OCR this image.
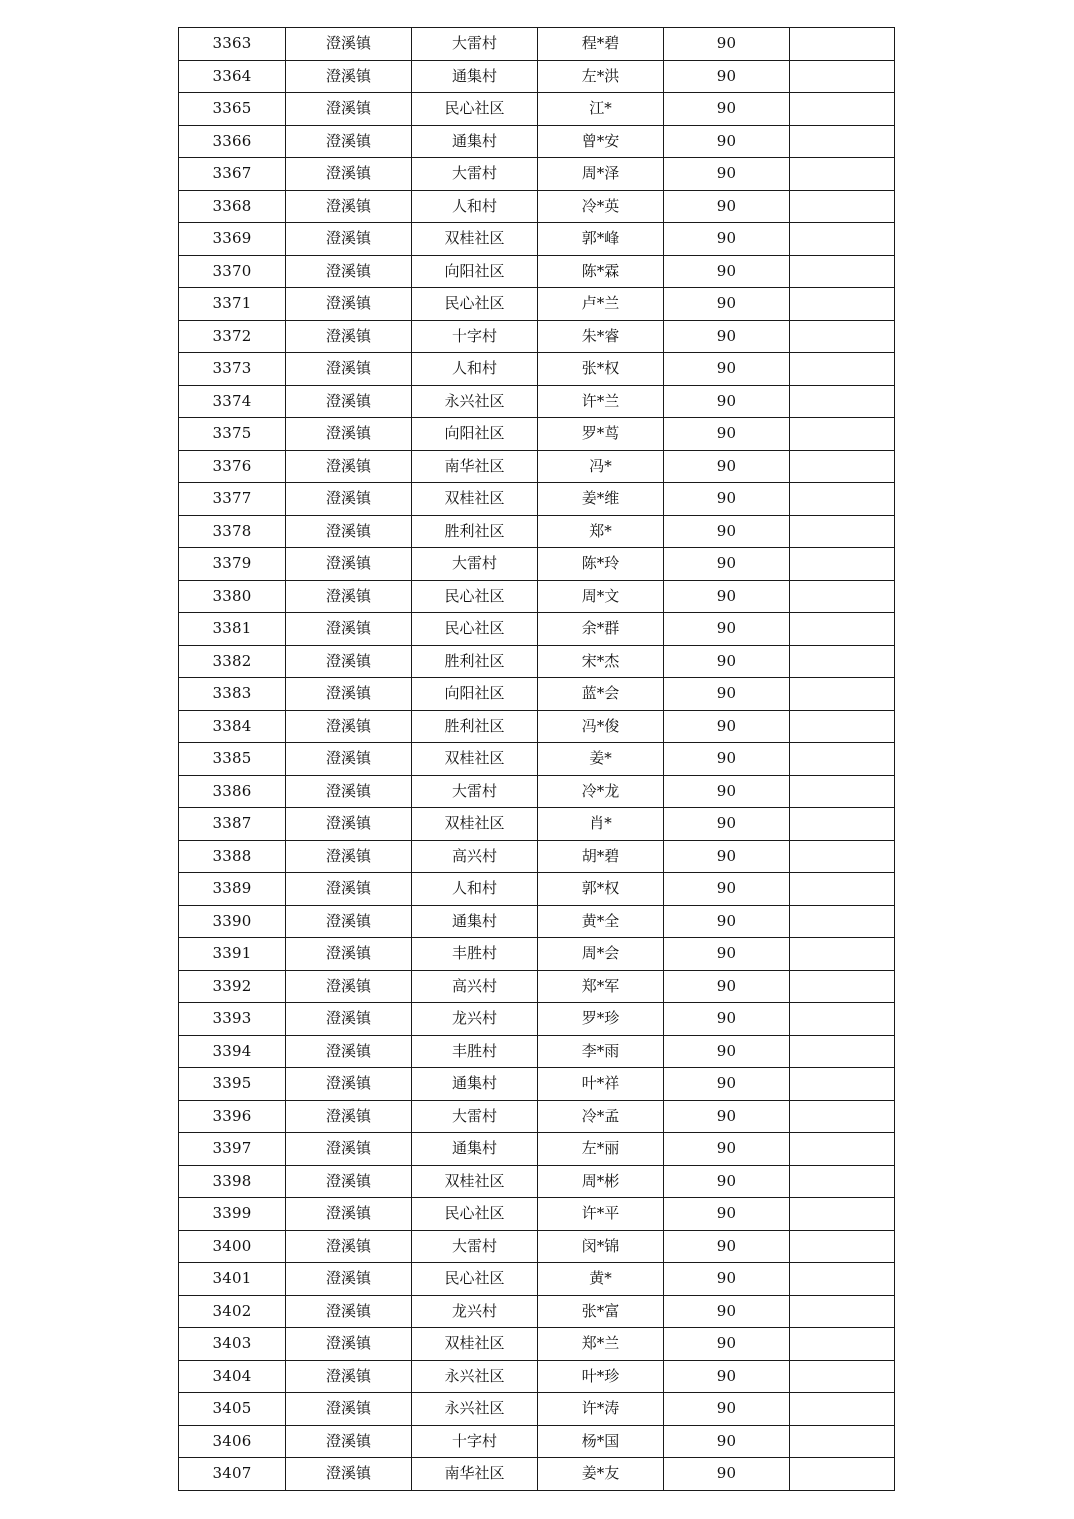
3363	澄溪镇	大雷村	程*碧	90	
3364	澄溪镇	通集村	左*洪	90	
3365	澄溪镇	民心社区	江*	90	
3366	澄溪镇	通集村	曾*安	90	
3367	澄溪镇	大雷村	周*泽	90	
3368	澄溪镇	人和村	冷*英	90	
3369	澄溪镇	双桂社区	郭*峰	90	
3370	澄溪镇	向阳社区	陈*霖	90	
3371	澄溪镇	民心社区	卢*兰	90	
3372	澄溪镇	十字村	朱*睿	90	
3373	澄溪镇	人和村	张*权	90	
3374	澄溪镇	永兴社区	许*兰	90	
3375	澄溪镇	向阳社区	罗*茑	90	
3376	澄溪镇	南华社区	冯*	90	
3377	澄溪镇	双桂社区	姜*维	90	
3378	澄溪镇	胜利社区	郑*	90	
3379	澄溪镇	大雷村	陈*玲	90	
3380	澄溪镇	民心社区	周*文	90	
3381	澄溪镇	民心社区	余*群	90	
3382	澄溪镇	胜利社区	宋*杰	90	
3383	澄溪镇	向阳社区	蓝*会	90	
3384	澄溪镇	胜利社区	冯*俊	90	
3385	澄溪镇	双桂社区	姜*	90	
3386	澄溪镇	大雷村	冷*龙	90	
3387	澄溪镇	双桂社区	肖*	90	
3388	澄溪镇	高兴村	胡*碧	90	
3389	澄溪镇	人和村	郭*权	90	
3390	澄溪镇	通集村	黄*全	90	
3391	澄溪镇	丰胜村	周*会	90	
3392	澄溪镇	高兴村	郑*军	90	
3393	澄溪镇	龙兴村	罗*珍	90	
3394	澄溪镇	丰胜村	李*雨	90	
3395	澄溪镇	通集村	叶*祥	90	
3396	澄溪镇	大雷村	冷*孟	90	
3397	澄溪镇	通集村	左*丽	90	
3398	澄溪镇	双桂社区	周*彬	90	
3399	澄溪镇	民心社区	许*平	90	
3400	澄溪镇	大雷村	闵*锦	90	
3401	澄溪镇	民心社区	黄*	90	
3402	澄溪镇	龙兴村	张*富	90	
3403	澄溪镇	双桂社区	郑*兰	90	
3404	澄溪镇	永兴社区	叶*珍	90	
3405	澄溪镇	永兴社区	许*涛	90	
3406	澄溪镇	十字村	杨*国	90	
3407	澄溪镇	南华社区	姜*友	90	
